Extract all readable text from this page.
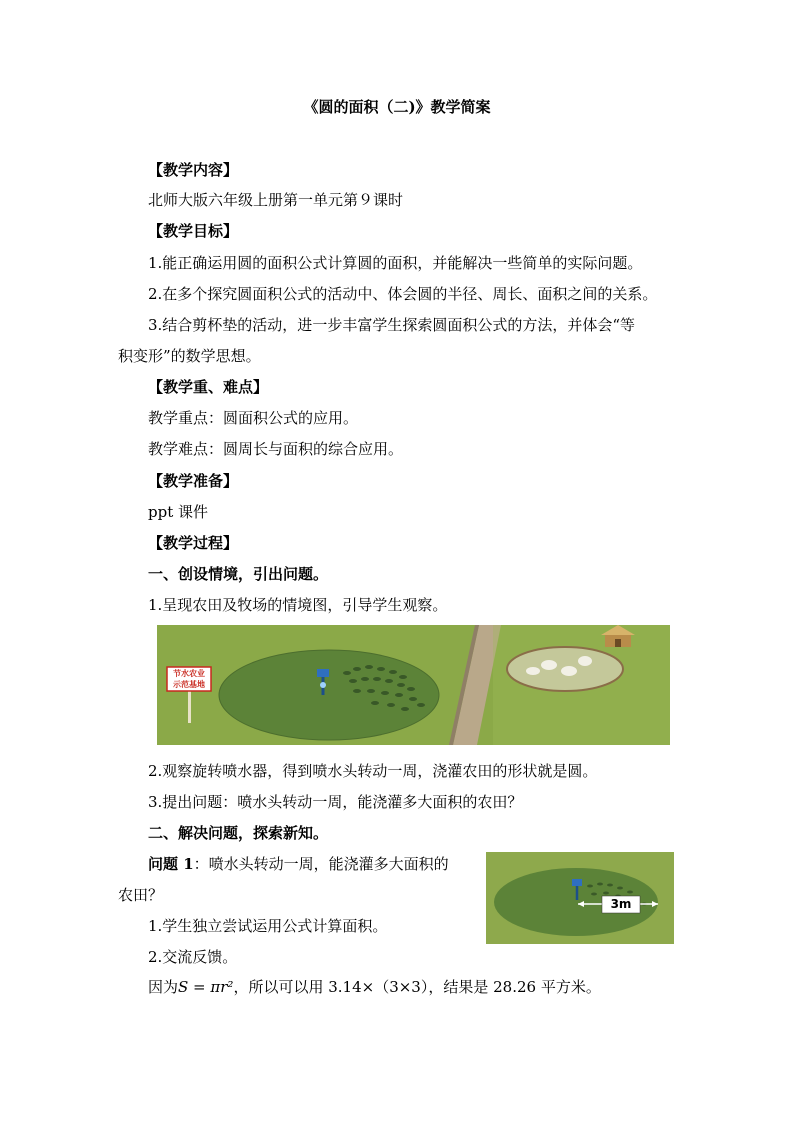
《圆的面积（二)》教学简案
【教学内容】
北师大版六年级上册第一单元第９课时
【教学目标】
1.能正确运用圆的面积公式计算圆的面积，并能解决一些简单的实际问题。
2.在多个探究圆面积公式的活动中、体会圆的半径、周长、面积之间的关系。
3.结合剪杯垫的活动，进一步丰富学生探索圆面积公式的方法，并体会“等
积变形”的数学思想。
【教学重、难点】
教学重点：圆面积公式的应用。
教学难点：圆周长与面积的综合应用。
【教学准备】
ppt 课件
【教学过程】
一、创设情境，引出问题。
1.呈现农田及牧场的情境图，引导学生观察。
节水农业
示范基地
2.观察旋转喷水器，得到喷水头转动一周，浇灌农田的形状就是圆。
3.提出问题：喷水头转动一周，能浇灌多大面积的农田？
二、解决问题，探索新知。
问题 1：喷水头转动一周，能浇灌多大面积的
农田？
1.学生独立尝试运用公式计算面积。
2.交流反馈。
3m
因为S = πr²，所以可以用 3.14×（3×3），结果是 28.26 平方米。
